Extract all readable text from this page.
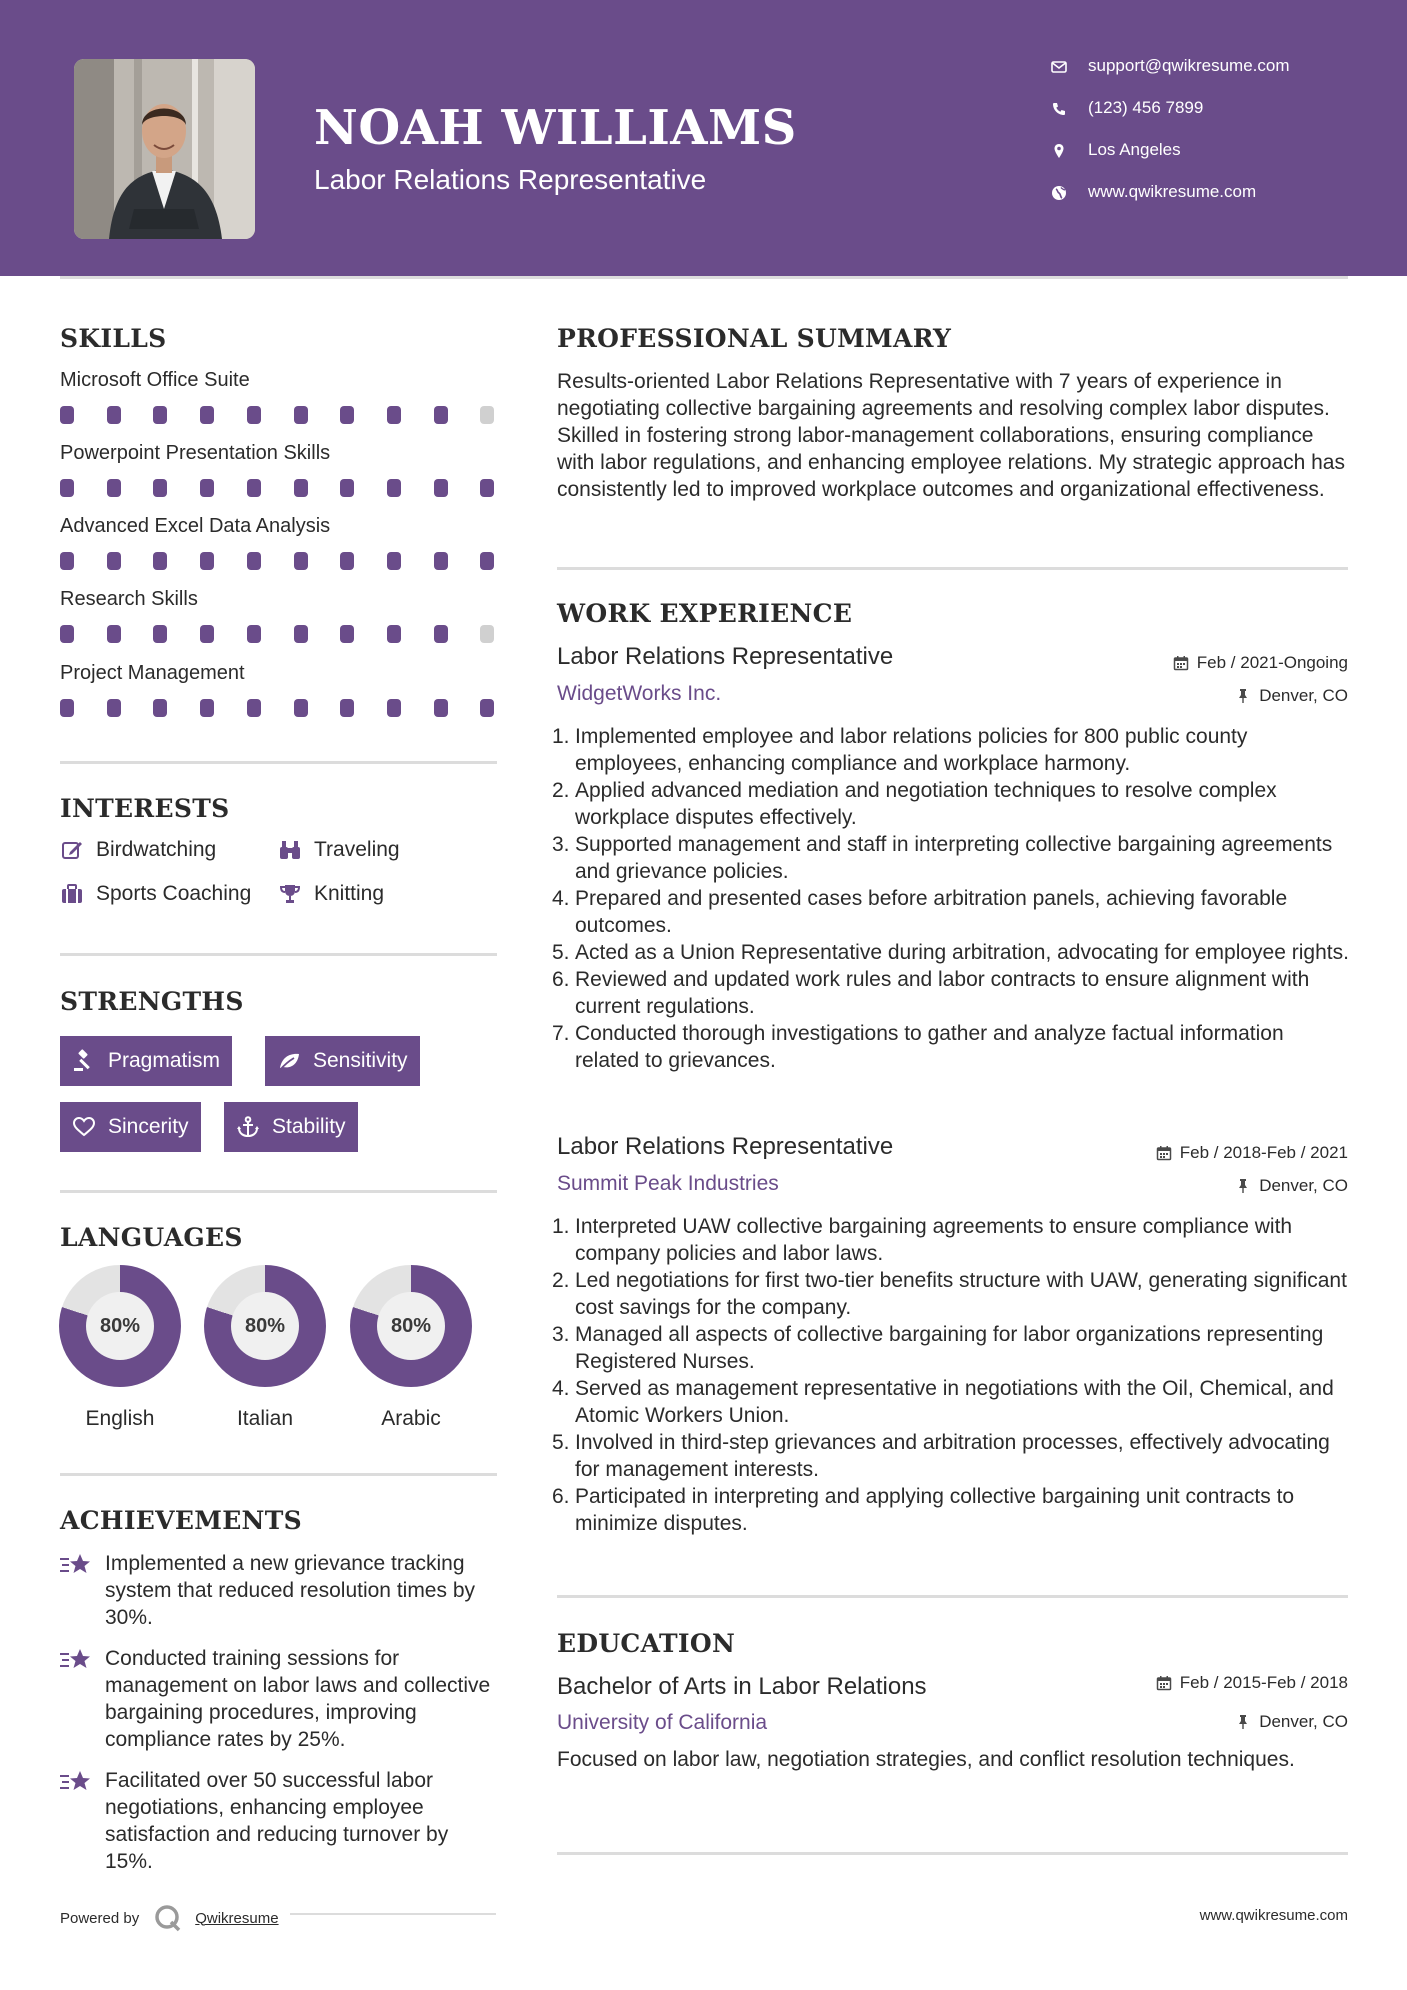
NOAH WILLIAMS
Labor Relations Representative
support@qwikresume.com
(123) 456 7899
Los Angeles
www.qwikresume.com
SKILLS
Microsoft Office Suite
Powerpoint Presentation Skills
Advanced Excel Data Analysis
Research Skills
Project Management
INTERESTS
Birdwatching	Traveling
Sports Coaching	Knitting
STRENGTHS
Pragmatism	Sensitivity
Sincerity	Stability
LANGUAGES
80%
English
80%
Italian
80%
Arabic
ACHIEVEMENTS
Implemented a new grievance tracking system that reduced resolution times by 30%.
Conducted training sessions for management on labor laws and collective bargaining procedures, improving compliance rates by 25%.
Facilitated over 50 successful labor negotiations, enhancing employee satisfaction and reducing turnover by 15%.
PROFESSIONAL SUMMARY
Results-oriented Labor Relations Representative with 7 years of experience in negotiating collective bargaining agreements and resolving complex labor disputes. Skilled in fostering strong labor-management collaborations, ensuring compliance with labor regulations, and enhancing employee relations. My strategic approach has consistently led to improved workplace outcomes and organizational effectiveness.
WORK EXPERIENCE
Labor Relations Representative	Feb / 2021-Ongoing
WidgetWorks Inc.	Denver, CO
1. Implemented employee and labor relations policies for 800 public county employees, enhancing compliance and workplace harmony.
2. Applied advanced mediation and negotiation techniques to resolve complex workplace disputes effectively.
3. Supported management and staff in interpreting collective bargaining agreements and grievance policies.
4. Prepared and presented cases before arbitration panels, achieving favorable outcomes.
5. Acted as a Union Representative during arbitration, advocating for employee rights.
6. Reviewed and updated work rules and labor contracts to ensure alignment with current regulations.
7. Conducted thorough investigations to gather and analyze factual information related to grievances.
Labor Relations Representative	Feb / 2018-Feb / 2021
Summit Peak Industries	Denver, CO
1. Interpreted UAW collective bargaining agreements to ensure compliance with company policies and labor laws.
2. Led negotiations for first two-tier benefits structure with UAW, generating significant cost savings for the company.
3. Managed all aspects of collective bargaining for labor organizations representing Registered Nurses.
4. Served as management representative in negotiations with the Oil, Chemical, and Atomic Workers Union.
5. Involved in third-step grievances and arbitration processes, effectively advocating for management interests.
6. Participated in interpreting and applying collective bargaining unit contracts to minimize disputes.
EDUCATION
Bachelor of Arts in Labor Relations	Feb / 2015-Feb / 2018
University of California	Denver, CO
Focused on labor law, negotiation strategies, and conflict resolution techniques.
Powered by	Qwikresume	www.qwikresume.com
